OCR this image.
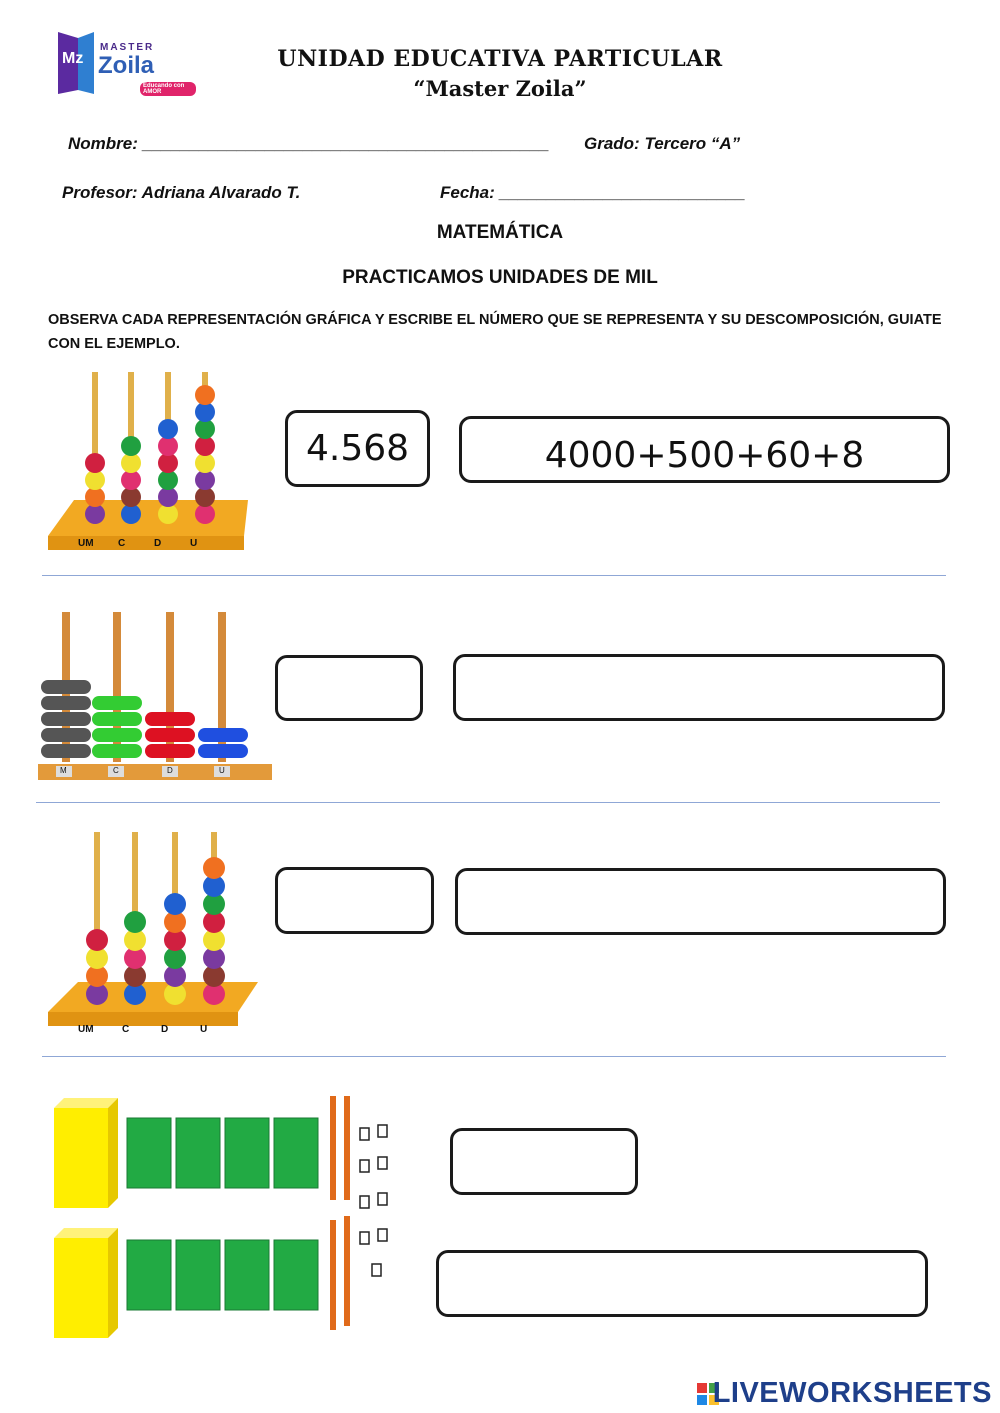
Mz
MASTER
Zoila
Educando con AMOR
UNIDAD EDUCATIVA PARTICULAR
“Master Zoila”
Nombre: ___________________________________________ Grado: Tercero “A”
Profesor: Adriana Alvarado T.	Fecha: __________________________
MATEMÁTICA
PRACTICAMOS UNIDADES DE MIL
OBSERVA CADA REPRESENTACIÓN GRÁFICA Y ESCRIBE EL NÚMERO QUE SE REPRESENTA Y SU DESCOMPOSICIÓN, GUIATE CON EL EJEMPLO.
UM C	D	U
4.568	4000+500+60+8
M	C	D	U
UM	C	D	U
LIVEWORKSHEETS
